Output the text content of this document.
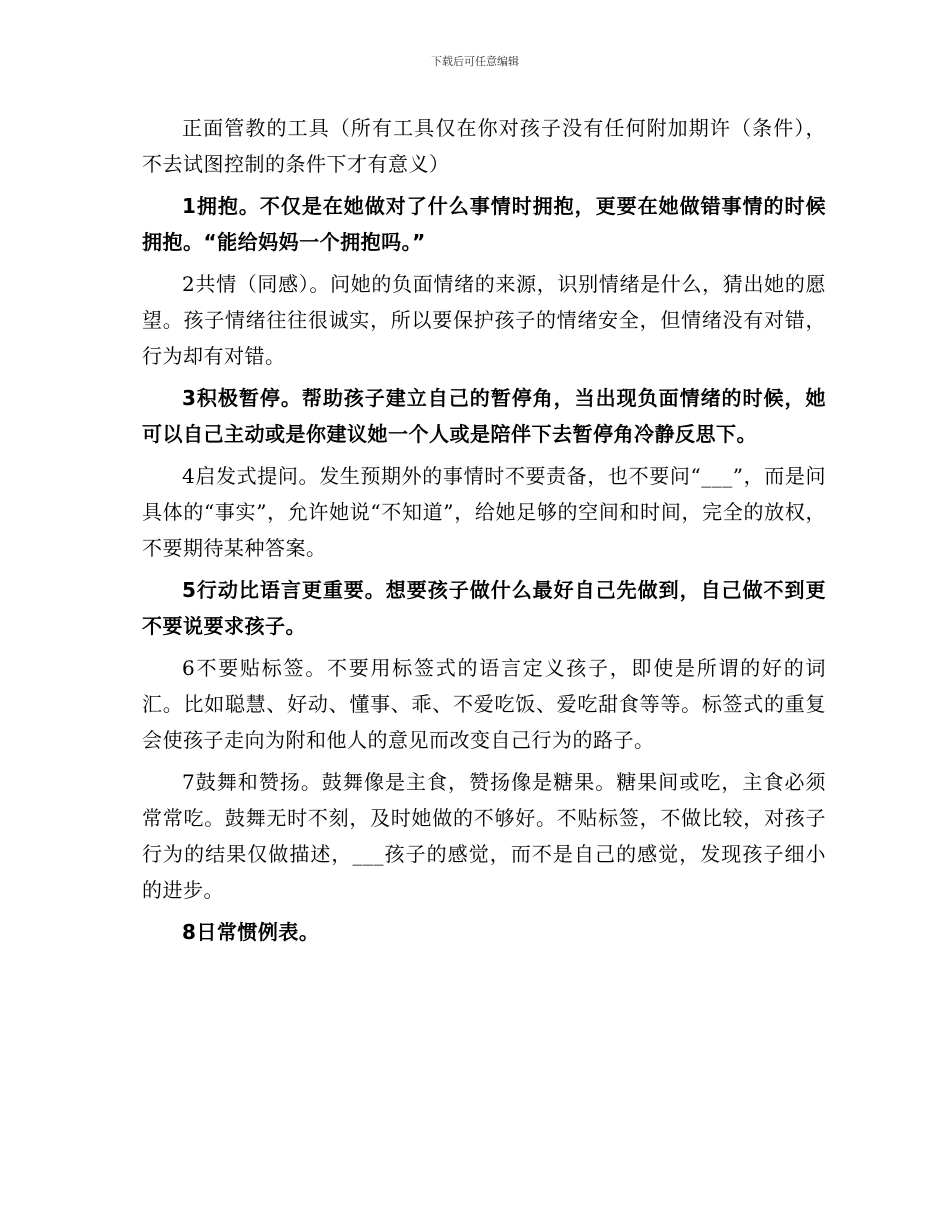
下载后可任意编辑

正面管教的工具（所有工具仅在你对孩子没有任何附加期许（条件），不去试图控制的条件下才有意义）

1拥抱。不仅是在她做对了什么事情时拥抱，更要在她做错事情的时候拥抱。“能给妈妈一个拥抱吗。”

2共情（同感）。问她的负面情绪的来源，识别情绪是什么，猜出她的愿望。孩子情绪往往很诚实，所以要保护孩子的情绪安全，但情绪没有对错，行为却有对错。

3积极暂停。帮助孩子建立自己的暂停角，当出现负面情绪的时候，她可以自己主动或是你建议她一个人或是陪伴下去暂停角冷静反思下。

4启发式提问。发生预期外的事情时不要责备，也不要问“___”，而是问具体的“事实”，允许她说“不知道”，给她足够的空间和时间，完全的放权，不要期待某种答案。

5行动比语言更重要。想要孩子做什么最好自己先做到，自己做不到更不要说要求孩子。

6不要贴标签。不要用标签式的语言定义孩子，即使是所谓的好的词汇。比如聪慧、好动、懂事、乖、不爱吃饭、爱吃甜食等等。标签式的重复会使孩子走向为附和他人的意见而改变自己行为的路子。

7鼓舞和赞扬。鼓舞像是主食，赞扬像是糖果。糖果间或吃，主食必须常常吃。鼓舞无时不刻，及时她做的不够好。不贴标签，不做比较，对孩子行为的结果仅做描述，___孩子的感觉，而不是自己的感觉，发现孩子细小的进步。

8日常惯例表。
